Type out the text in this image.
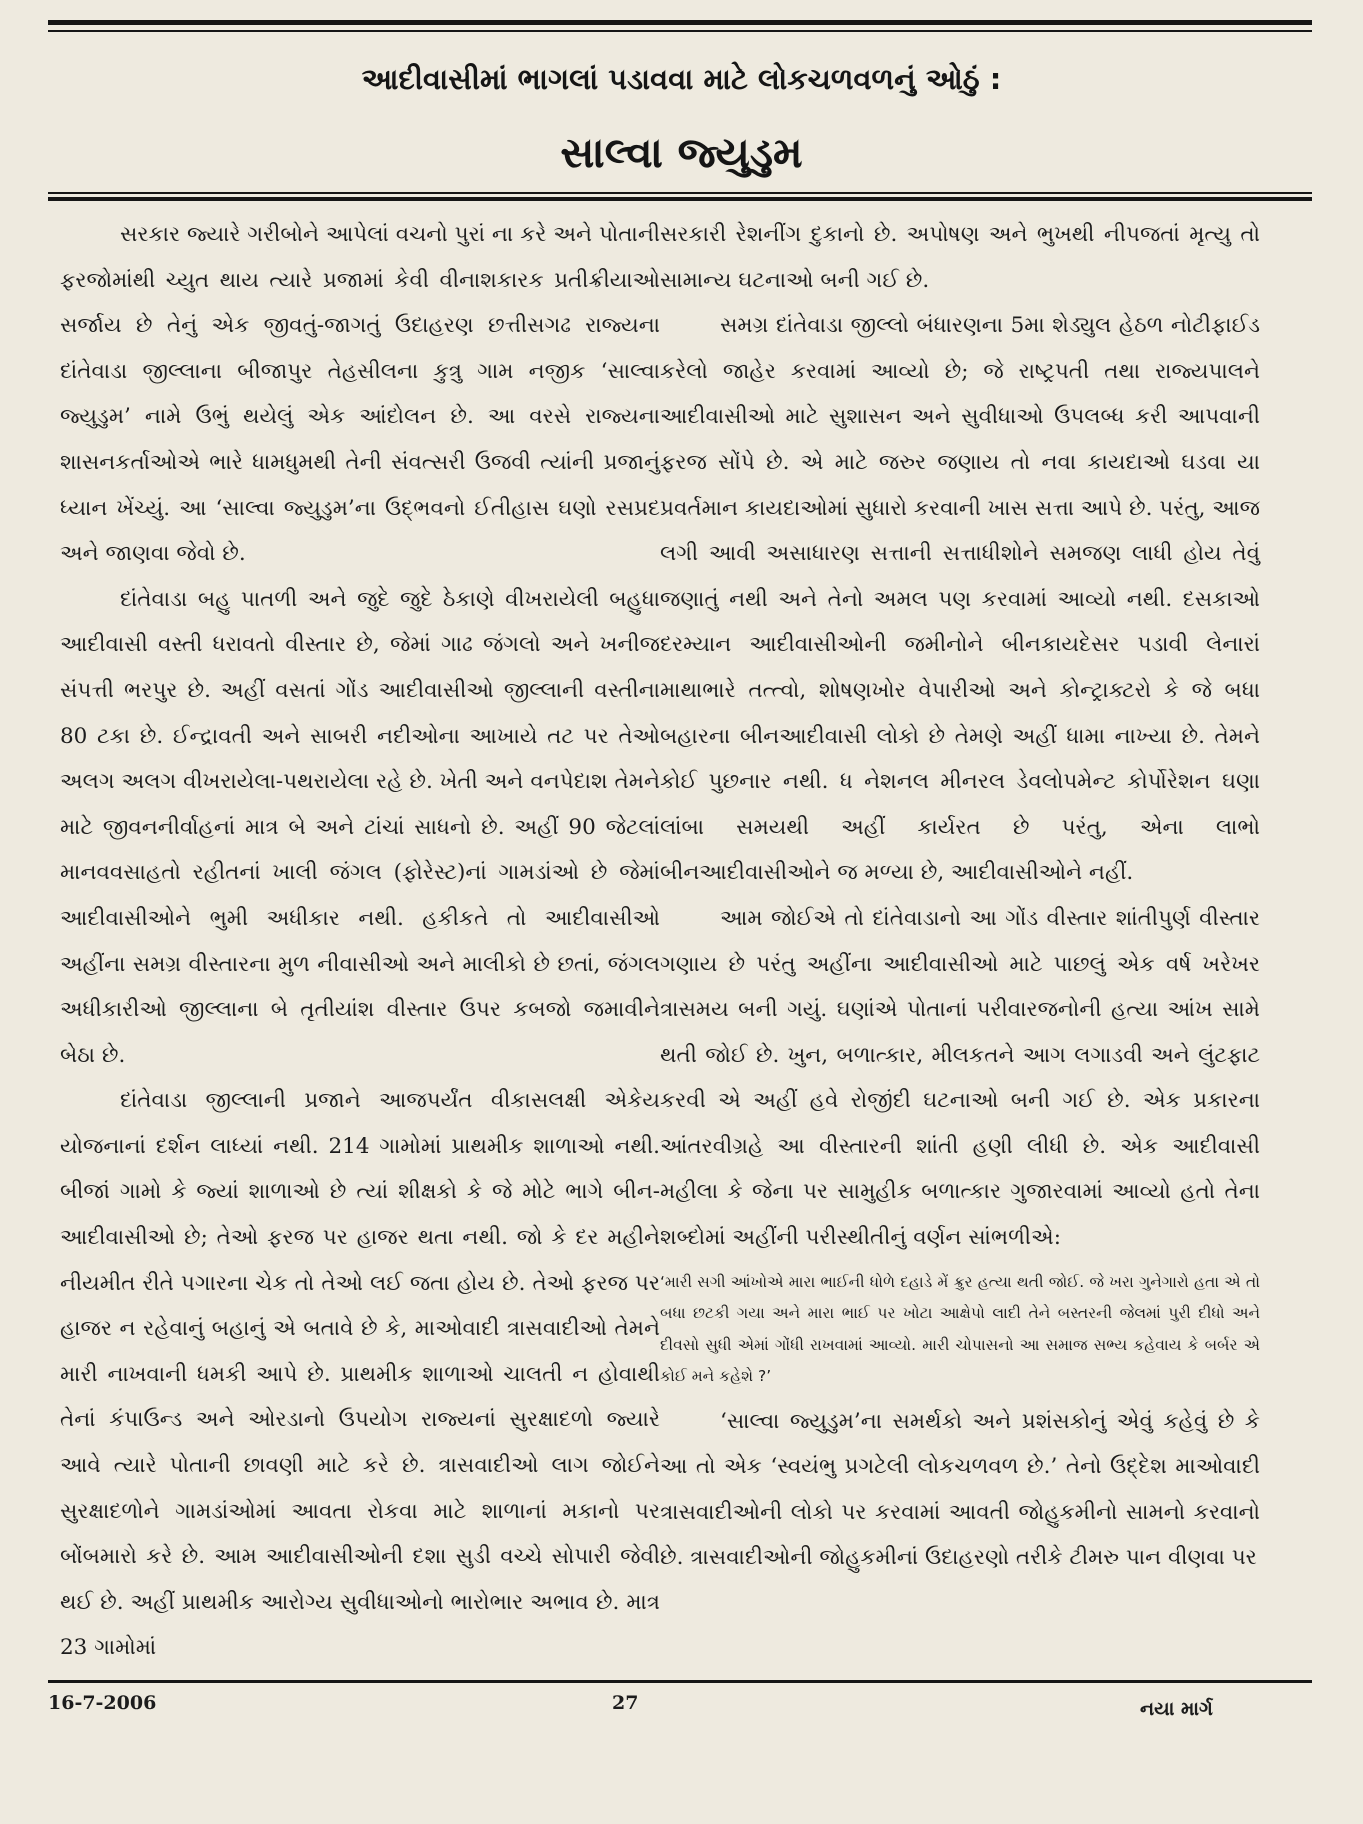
આદીવાસીમાં ભાગલાં પડાવવા માટે લોકચળવળનું ઓઠું :
સાલ્વા જ્યુડુમ

સરકાર જ્યારે ગરીબોને આપેલાં વચનો પુરાં ના કરે અને પોતાની ફરજોમાંથી ચ્યુત થાય ત્યારે પ્રજામાં કેવી વીનાશકારક પ્રતીક્રીયાઓ સર્જાય છે તેનું એક જીવતું-જાગતું ઉદાહરણ છત્તીસગઢ રાજ્યના દાંતેવાડા જીલ્લાના બીજાપુર તેહસીલના કુત્રુ ગામ નજીક ‘સાલ્વા જ્યુડુમ’ નામે ઉભું થયેલું એક આંદોલન છે. આ વરસે રાજ્યના શાસનકર્તાઓએ ભારે ધામધુમથી તેની સંવત્સરી ઉજવી ત્યાંની પ્રજાનું ધ્યાન ખેંચ્યું. આ ‘સાલ્વા જ્યુડુમ’ના ઉદ્‌ભવનો ઈતીહાસ ઘણો રસપ્રદ અને જાણવા જેવો છે.

દાંતેવાડા બહુ પાતળી અને જુદે જુદે ઠેકાણે વીખરાયેલી બહુધા આદીવાસી વસ્તી ધરાવતો વીસ્તાર છે, જેમાં ગાઢ જંગલો અને ખનીજ સંપત્તી ભરપુર છે. અહીં વસતાં ગોંડ આદીવાસીઓ જીલ્લાની વસ્તીના 80 ટકા છે. ઈન્દ્રાવતી અને સાબરી નદીઓના આખાયે તટ પર તેઓ અલગ અલગ વીખરાયેલા-પથરાયેલા રહે છે. ખેતી અને વનપેદાશ તેમને માટે જીવનનીર્વાહનાં માત્ર બે અને ટાંચાં સાધનો છે. અહીં 90 જેટલાં માનવવસાહતો રહીતનાં ખાલી જંગલ (ફોરેસ્ટ)નાં ગામડાંઓ છે જેમાં આદીવાસીઓને ભુમી અધીકાર નથી. હકીકતે તો આદીવાસીઓ અહીંના સમગ્ર વીસ્તારના મુળ નીવાસીઓ અને માલીકો છે છતાં, જંગલ અધીકારીઓ જીલ્લાના બે તૃતીયાંશ વીસ્તાર ઉપર કબજો જમાવીને બેઠા છે.

દાંતેવાડા જીલ્લાની પ્રજાને આજપર્યંત વીકાસલક્ષી એકેય યોજનાનાં દર્શન લાધ્યાં નથી. 214 ગામોમાં પ્રાથમીક શાળાઓ નથી. બીજાં ગામો કે જ્યાં શાળાઓ છે ત્યાં શીક્ષકો કે જે મોટે ભાગે બીન-આદીવાસીઓ છે; તેઓ ફરજ પર હાજર થતા નથી. જો કે દર મહીને નીયમીત રીતે પગારના ચેક તો તેઓ લઈ જતા હોય છે. તેઓ ફરજ પર હાજર ન રહેવાનું બહાનું એ બતાવે છે કે, માઓવાદી ત્રાસવાદીઓ તેમને મારી નાખવાની ધમકી આપે છે. પ્રાથમીક શાળાઓ ચાલતી ન હોવાથી તેનાં કંપાઉન્ડ અને ઓરડાનો ઉપયોગ રાજ્યનાં સુરક્ષાદળો જ્યારે આવે ત્યારે પોતાની છાવણી માટે કરે છે. ત્રાસવાદીઓ લાગ જોઈને સુરક્ષાદળોને ગામડાંઓમાં આવતા રોકવા માટે શાળાનાં મકાનો પર બોંબમારો કરે છે. આમ આદીવાસીઓની દશા સુડી વચ્ચે સોપારી જેવી થઈ છે. અહીં પ્રાથમીક આરોગ્ય સુવીધાઓનો ભારોભાર અભાવ છે. માત્ર 23 ગામોમાં

સરકારી રેશનીંગ દુકાનો છે. અપોષણ અને ભુખથી નીપજતાં મૃત્યુ તો સામાન્ય ઘટનાઓ બની ગઈ છે.

સમગ્ર દાંતેવાડા જીલ્લો બંધારણના 5મા શેડ્યુલ હેઠળ નોટીફાઈડ કરેલો જાહેર કરવામાં આવ્યો છે; જે રાષ્ટ્રપતી તથા રાજ્યપાલને આદીવાસીઓ માટે સુશાસન અને સુવીધાઓ ઉપલબ્ધ કરી આપવાની ફરજ સોંપે છે. એ માટે જરુર જણાય તો નવા કાયદાઓ ઘડવા યા પ્રવર્તમાન કાયદાઓમાં સુધારો કરવાની ખાસ સત્તા આપે છે. પરંતુ, આજ લગી આવી અસાધારણ સત્તાની સત્તાધીશોને સમજણ લાધી હોય તેવું જણાતું નથી અને તેનો અમલ પણ કરવામાં આવ્યો નથી. દસકાઓ દરમ્યાન આદીવાસીઓની જમીનોને બીનકાયદેસર પડાવી લેનારાં માથાભારે તત્ત્વો, શોષણખોર વેપારીઓ અને કોન્ટ્રાક્ટરો કે જે બધા બહારના બીનઆદીવાસી લોકો છે તેમણે અહીં ધામા નાખ્યા છે. તેમને કોઈ પુછનાર નથી. ધ નેશનલ મીનરલ ડેવલોપમેન્ટ કોર્પોરેશન ઘણા લાંબા સમયથી અહીં કાર્યરત છે પરંતુ, એના લાભો બીનઆદીવાસીઓને જ મળ્યા છે, આદીવાસીઓને નહીં.

આમ જોઈએ તો દાંતેવાડાનો આ ગોંડ વીસ્તાર શાંતીપુર્ણ વીસ્તાર ગણાય છે પરંતુ અહીંના આદીવાસીઓ માટે પાછલું એક વર્ષ ખરેખર ત્રાસમય બની ગયું. ઘણાંએ પોતાનાં પરીવારજનોની હત્યા આંખ સામે થતી જોઈ છે. ખુન, બળાત્કાર, મીલકતને આગ લગાડવી અને લુંટફાટ કરવી એ અહીં હવે રોજીંદી ઘટનાઓ બની ગઈ છે. એક પ્રકારના આંતરવીગ્રહે આ વીસ્તારની શાંતી હણી લીધી છે. એક આદીવાસી મહીલા કે જેના પર સામુહીક બળાત્કાર ગુજારવામાં આવ્યો હતો તેના શબ્દોમાં અહીંની પરીસ્થીતીનું વર્ણન સાંભળીએ:

‘મારી સગી આંખોએ મારા ભાઈની ધોળે દહાડે મેં ક્રુર હત્યા થતી જોઈ. જે ખરા ગુનેગારો હતા એ તો બધા છટકી ગયા અને મારા ભાઈ પર ખોટા આક્ષેપો લાદી તેને બસ્તરની જેલમાં પુરી દીધો અને દીવસો સુધી એમાં ગોંધી રાખવામાં આવ્યો. મારી ચોપાસનો આ સમાજ સભ્ય કહેવાય કે બર્બર એ કોઈ મને કહેશે ?’

‘સાલ્વા જ્યુડુમ’ના સમર્થકો અને પ્રશંસકોનું એવું કહેવું છે કે આ તો એક ‘સ્વયંભુ પ્રગટેલી લોકચળવળ છે.’ તેનો ઉદ્દેશ માઓવાદી ત્રાસવાદીઓની લોકો પર કરવામાં આવતી જોહુકમીનો સામનો કરવાનો છે. ત્રાસવાદીઓની જોહુકમીનાં ઉદાહરણો તરીકે ટીમરુ પાન વીણવા પર

16-7-2006	27	નયા માર્ગ
